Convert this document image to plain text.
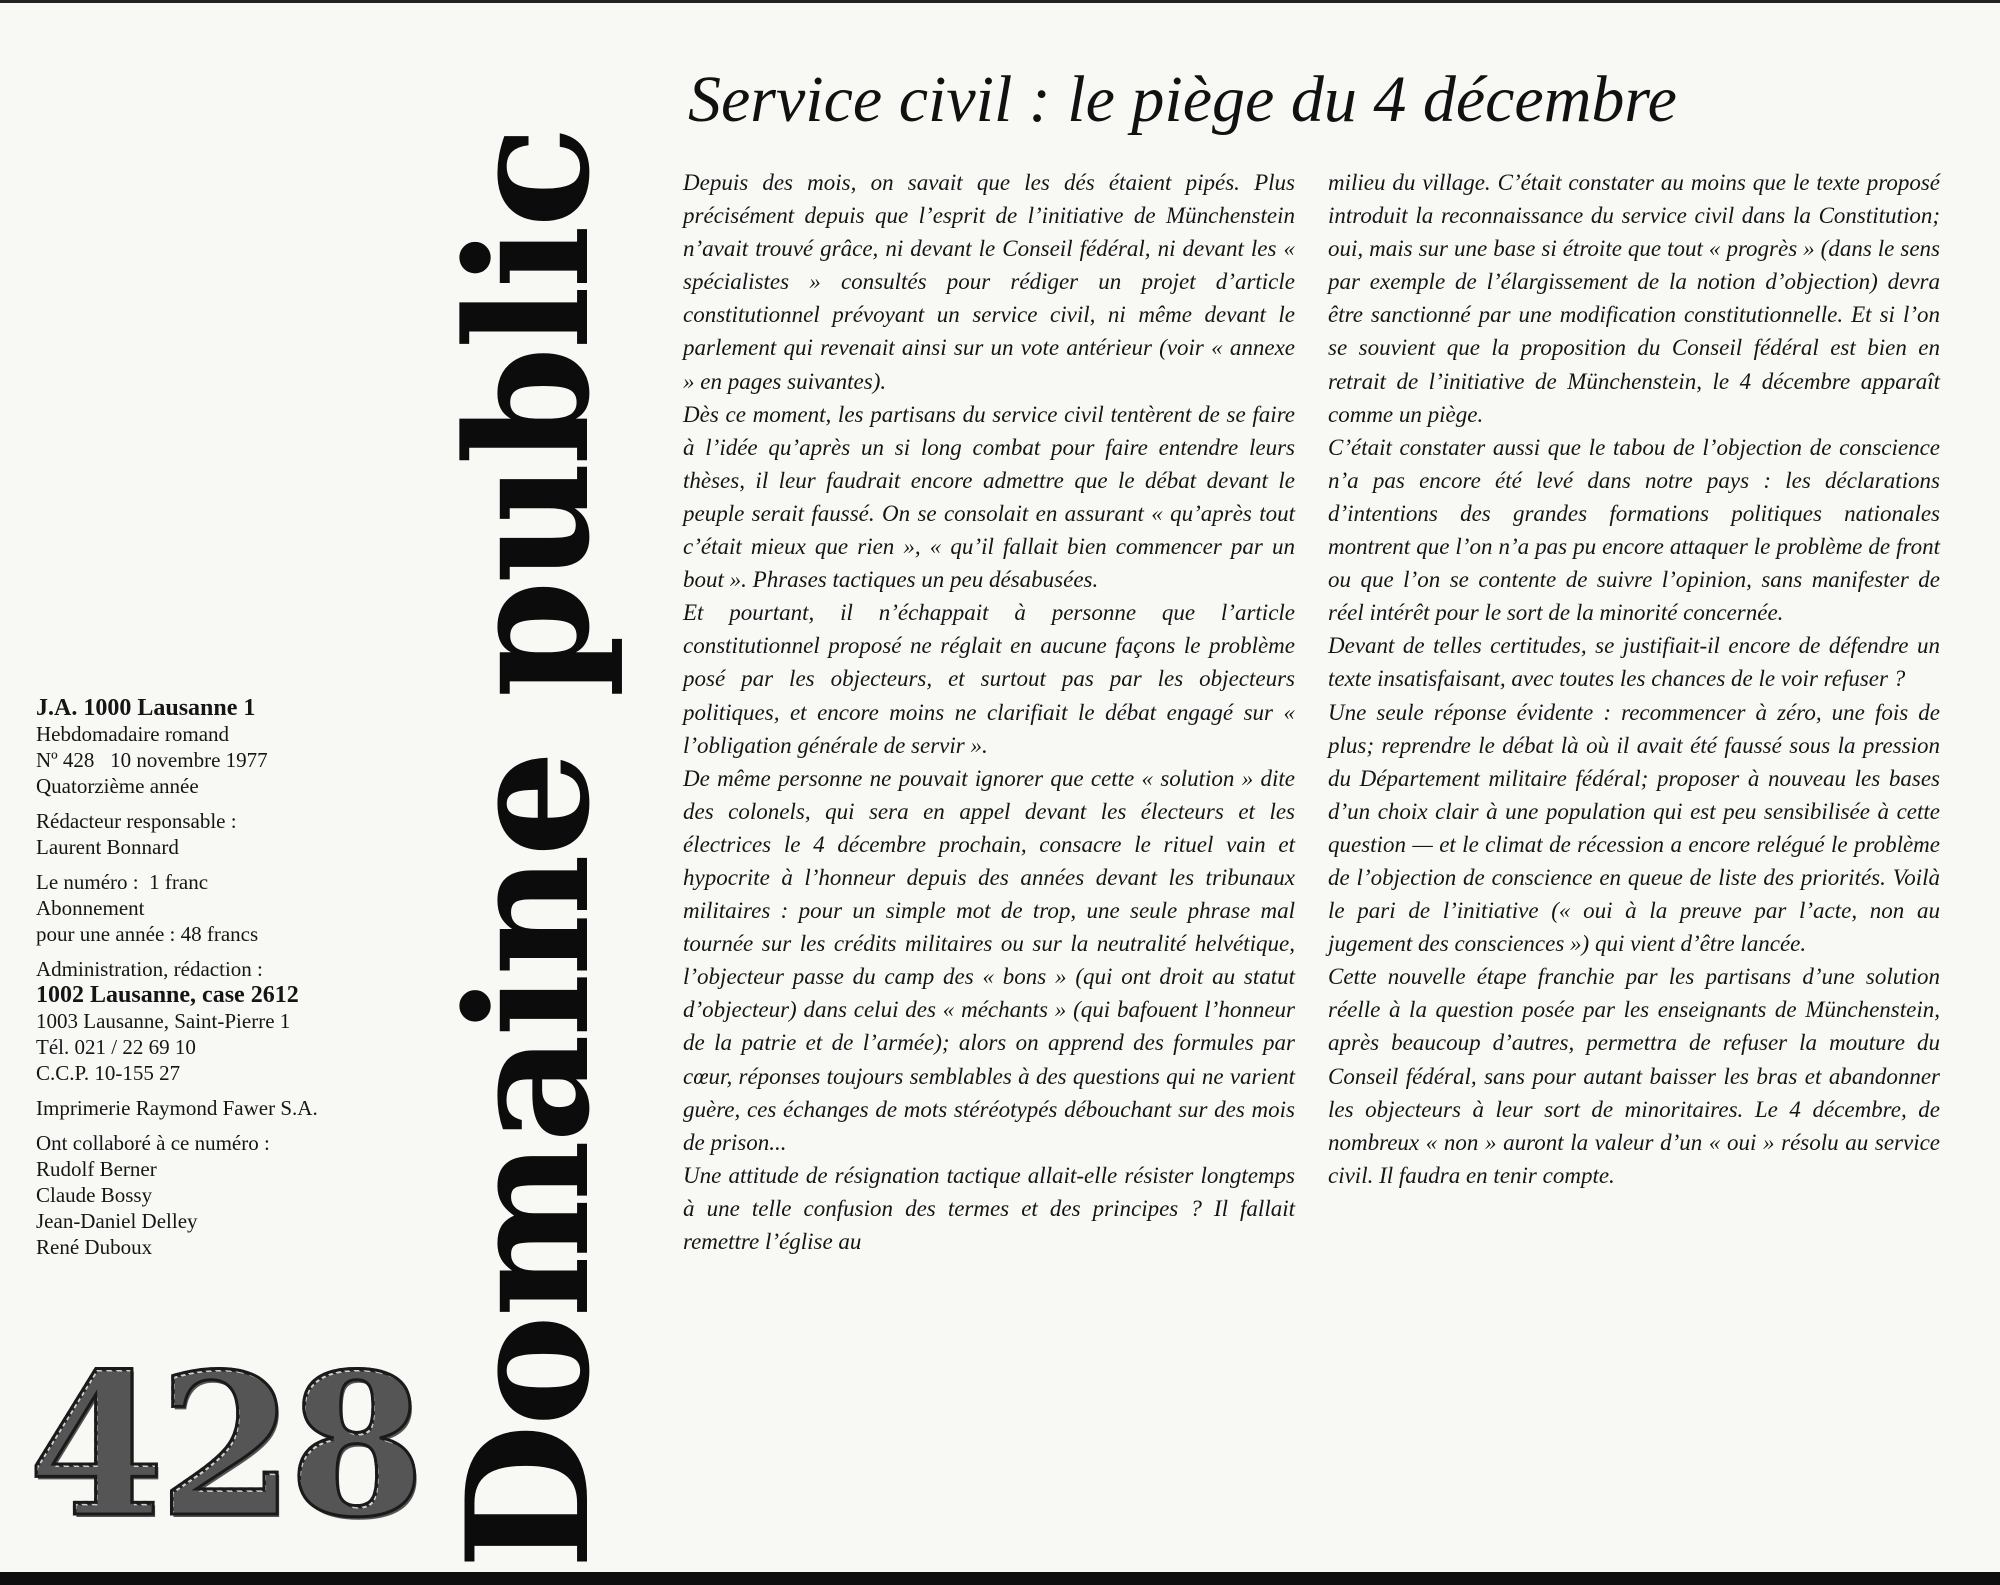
J.A. 1000 Lausanne 1
Hebdomadaire romand
Nº 428   10 novembre 1977
Quatorzième année
Rédacteur responsable :
Laurent Bonnard
Le numéro :  1 franc
Abonnement
pour une année : 48 francs
Administration, rédaction :
1002 Lausanne, case 2612
1003 Lausanne, Saint-Pierre 1
Tél. 021 / 22 69 10
C.C.P. 10-155 27
Imprimerie Raymond Fawer S.A.
Ont collaboré à ce numéro :
Rudolf Berner
Claude Bossy
Jean-Daniel Delley
René Duboux
428 Domaine public
Service civil : le piège du 4 décembre

Depuis des mois, on savait que les dés étaient pipés. Plus précisément depuis que l’esprit de l’initiative de Münchenstein n’avait trouvé grâce, ni devant le Conseil fédéral, ni devant les « spécialistes » consultés pour rédiger un projet d’article constitutionnel prévoyant un service civil, ni même devant le parlement qui revenait ainsi sur un vote antérieur (voir « annexe » en pages suivantes).

Dès ce moment, les partisans du service civil tentèrent de se faire à l’idée qu’après un si long combat pour faire entendre leurs thèses, il leur faudrait encore admettre que le débat devant le peuple serait faussé. On se consolait en assurant « qu’après tout c’était mieux que rien », « qu’il fallait bien commencer par un bout ». Phrases tactiques un peu désabusées.

Et pourtant, il n’échappait à personne que l’article constitutionnel proposé ne réglait en aucune façons le problème posé par les objecteurs, et surtout pas par les objecteurs politiques, et encore moins ne clarifiait le débat engagé sur « l’obligation générale de servir ».

De même personne ne pouvait ignorer que cette « solution » dite des colonels, qui sera en appel devant les électeurs et les électrices le 4 décembre prochain, consacre le rituel vain et hypocrite à l’honneur depuis des années devant les tribunaux militaires : pour un simple mot de trop, une seule phrase mal tournée sur les crédits militaires ou sur la neutralité helvétique, l’objecteur passe du camp des « bons » (qui ont droit au statut d’objecteur) dans celui des « méchants » (qui bafouent l’honneur de la patrie et de l’armée); alors on apprend des formules par cœur, réponses toujours semblables à des questions qui ne varient guère, ces échanges de mots stéréotypés débouchant sur des mois de prison...

Une attitude de résignation tactique allait-elle résister longtemps à une telle confusion des termes et des principes ? Il fallait remettre l’église au

milieu du village. C’était constater au moins que le texte proposé introduit la reconnaissance du service civil dans la Constitution; oui, mais sur une base si étroite que tout « progrès » (dans le sens par exemple de l’élargissement de la notion d’objection) devra être sanctionné par une modification constitutionnelle. Et si l’on se souvient que la proposition du Conseil fédéral est bien en retrait de l’initiative de Münchenstein, le 4 décembre apparaît comme un piège.

C’était constater aussi que le tabou de l’objection de conscience n’a pas encore été levé dans notre pays : les déclarations d’intentions des grandes formations politiques nationales montrent que l’on n’a pas pu encore attaquer le problème de front ou que l’on se contente de suivre l’opinion, sans manifester de réel intérêt pour le sort de la minorité concernée.

Devant de telles certitudes, se justifiait-il encore de défendre un texte insatisfaisant, avec toutes les chances de le voir refuser ?

Une seule réponse évidente : recommencer à zéro, une fois de plus; reprendre le débat là où il avait été faussé sous la pression du Département militaire fédéral; proposer à nouveau les bases d’un choix clair à une population qui est peu sensibilisée à cette question — et le climat de récession a encore relégué le problème de l’objection de conscience en queue de liste des priorités. Voilà le pari de l’initiative (« oui à la preuve par l’acte, non au jugement des consciences ») qui vient d’être lancée.

Cette nouvelle étape franchie par les partisans d’une solution réelle à la question posée par les enseignants de Münchenstein, après beaucoup d’autres, permettra de refuser la mouture du Conseil fédéral, sans pour autant baisser les bras et abandonner les objecteurs à leur sort de minoritaires. Le 4 décembre, de nombreux « non » auront la valeur d’un « oui » résolu au service civil. Il faudra en tenir compte.
